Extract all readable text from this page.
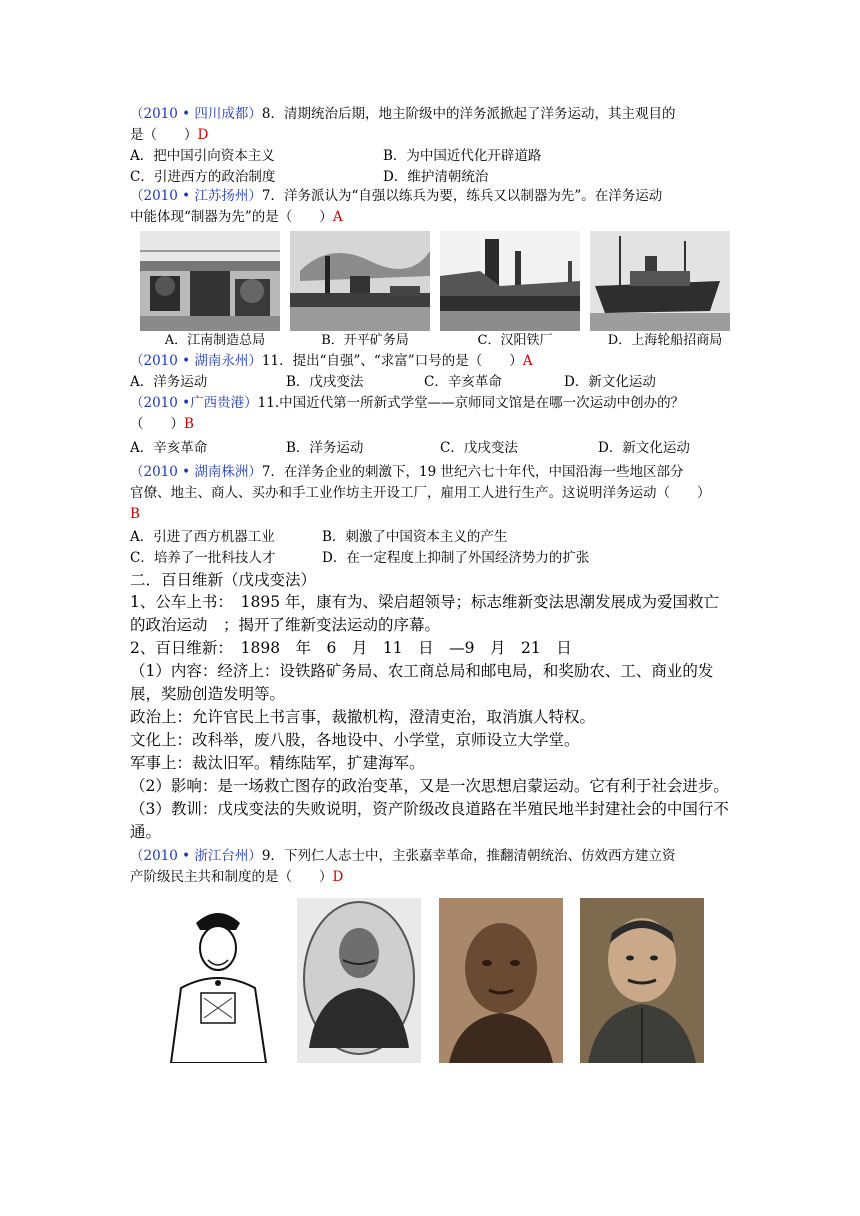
（2010 • 四川成都）8．清期统治后期，地主阶级中的洋务派掀起了洋务运动，其主观目的
是（　　）D
A．把中国引向资本主义	B．为中国近代化开辟道路
C．引进西方的政治制度	D．维护清朝统治
（2010 • 江苏扬州）7．洋务派认为“自强以练兵为要，练兵又以制器为先”。在洋务运动
中能体现“制器为先”的是（　　）A
A．江南制造总局	B．开平矿务局	C．汉阳铁厂	D．上海轮船招商局
（2010 • 湖南永州）11．提出“自强”、“求富”口号的是（　　）A
A．洋务运动	B．戊戌变法	C．辛亥革命	D．新文化运动
（2010 •广西贵港）11.中国近代第一所新式学堂——京师同文馆是在哪一次运动中创办的？
（　　）B
A．辛亥革命	B．洋务运动	C．戊戌变法	D．新文化运动
（2010 • 湖南株洲）7．在洋务企业的刺激下，19 世纪六七十年代，中国沿海一些地区部分
官僚、地主、商人、买办和手工业作坊主开设工厂，雇用工人进行生产。这说明洋务运动（　　）
B
A．引进了西方机器工业	B．刺激了中国资本主义的产生
C．培养了一批科技人才	D．在一定程度上抑制了外国经济势力的扩张
二．百日维新（戊戌变法）
1、公车上书：　1895 年，康有为、梁启超领导；标志维新变法思潮发展成为爱国救亡的政治运动　；揭开了维新变法运动的序幕。
2、百日维新：　1898　年　6　月　11　日　—9　月　21　日
（1）内容：经济上：设铁路矿务局、农工商总局和邮电局，和奖励农、工、商业的发展，奖励创造发明等。
政治上：允许官民上书言事，裁撤机构，澄清吏治，取消旗人特权。
文化上：改科举，废八股，各地设中、小学堂，京师设立大学堂。
军事上：裁汰旧军。精练陆军，扩建海军。
（2）影响：是一场救亡图存的政治变革，又是一次思想启蒙运动。它有利于社会进步。
（3）教训：戊戌变法的失败说明，资产阶级改良道路在半殖民地半封建社会的中国行不通。
（2010 • 浙江台州）9．下列仁人志士中，主张嘉幸革命，推翻清朝统治、仿效西方建立资
产阶级民主共和制度的是（　　）D
